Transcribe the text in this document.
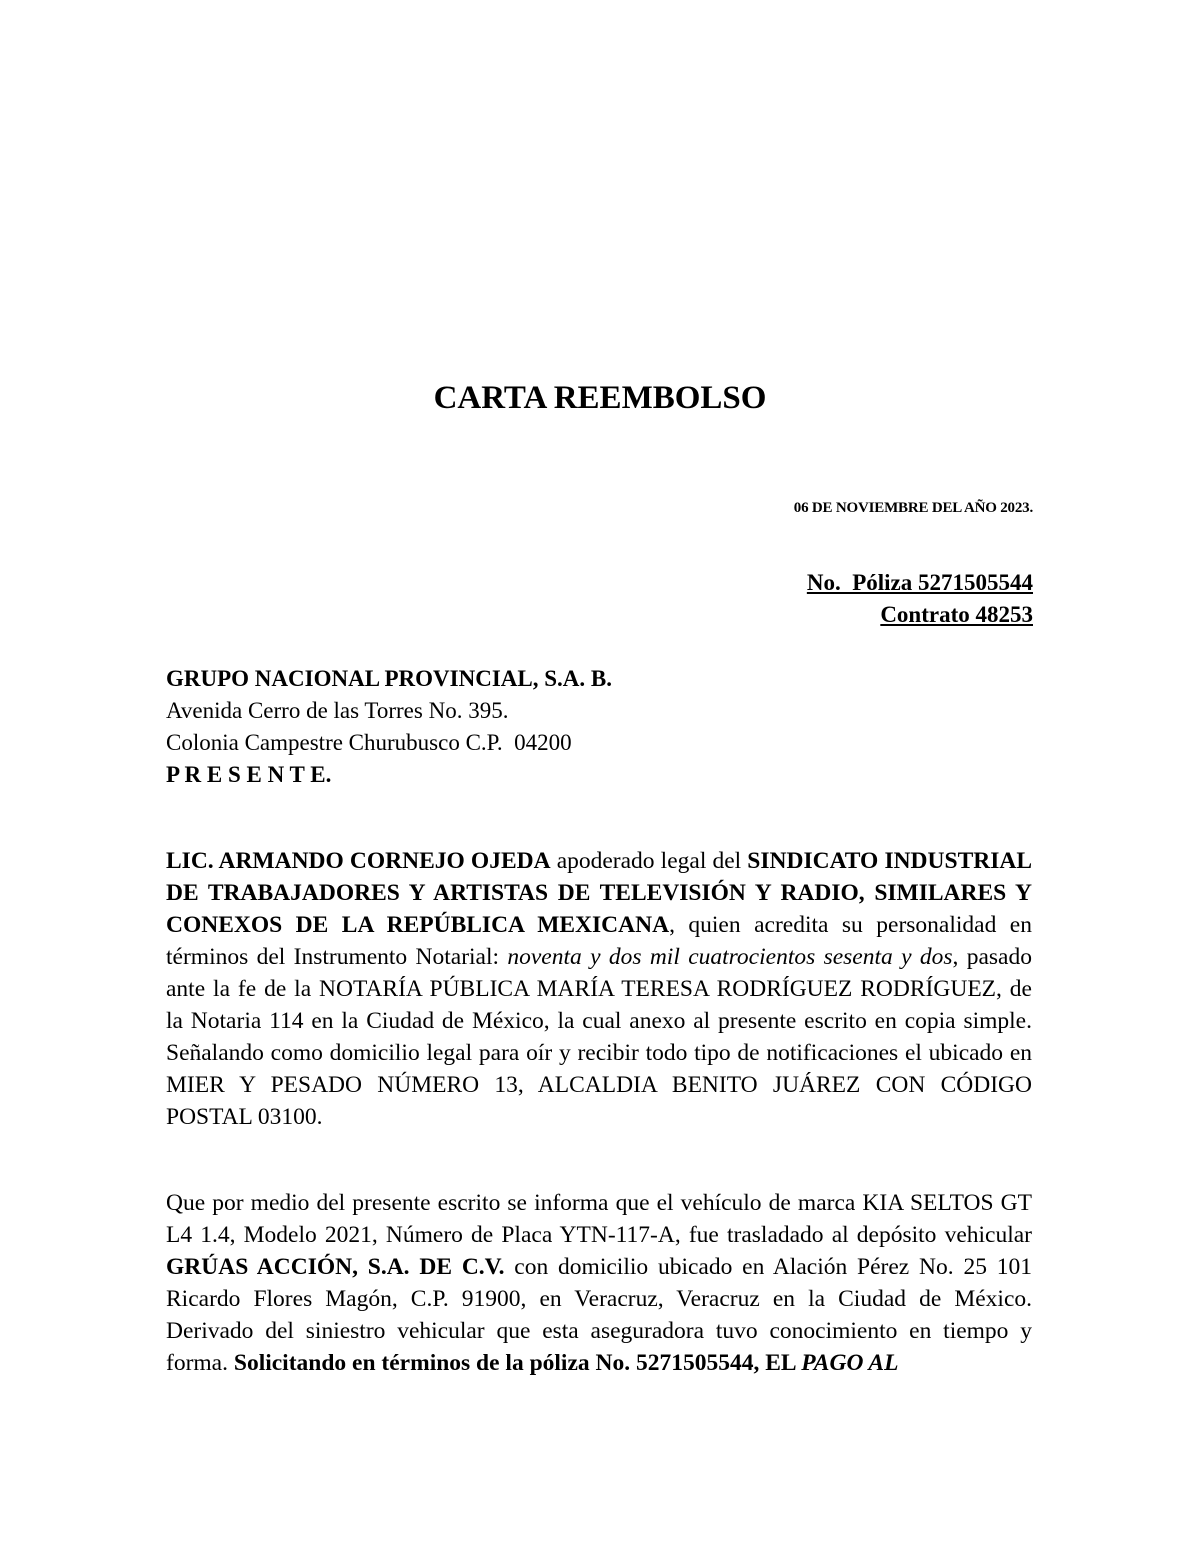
CARTA REEMBOLSO
06 DE NOVIEMBRE DEL AÑO 2023.
No.  Póliza 5271505544
Contrato 48253
GRUPO NACIONAL PROVINCIAL, S.A. B.
Avenida Cerro de las Torres No. 395.
Colonia Campestre Churubusco C.P.  04200
P R E S E N T E.
LIC. ARMANDO CORNEJO OJEDA apoderado legal del SINDICATO INDUSTRIAL DE TRABAJADORES Y ARTISTAS DE TELEVISIÓN Y RADIO, SIMILARES Y CONEXOS DE LA REPÚBLICA MEXICANA, quien acredita su personalidad en términos del Instrumento Notarial: noventa y dos mil cuatrocientos sesenta y dos, pasado ante la fe de la NOTARÍA PÚBLICA MARÍA TERESA RODRÍGUEZ RODRÍGUEZ, de la Notaria 114 en la Ciudad de México, la cual anexo al presente escrito en copia simple. Señalando como domicilio legal para oír y recibir todo tipo de notificaciones el ubicado en MIER Y PESADO NÚMERO 13, ALCALDIA BENITO JUÁREZ CON CÓDIGO POSTAL 03100.
Que por medio del presente escrito se informa que el vehículo de marca KIA SELTOS GT L4 1.4, Modelo 2021, Número de Placa YTN-117-A, fue trasladado al depósito vehicular GRÚAS ACCIÓN, S.A. DE C.V. con domicilio ubicado en Alación Pérez No. 25 101 Ricardo Flores Magón, C.P. 91900, en Veracruz, Veracruz en la Ciudad de México. Derivado del siniestro vehicular que esta aseguradora tuvo conocimiento en tiempo y forma. Solicitando en términos de la póliza No. 5271505544, EL PAGO AL
